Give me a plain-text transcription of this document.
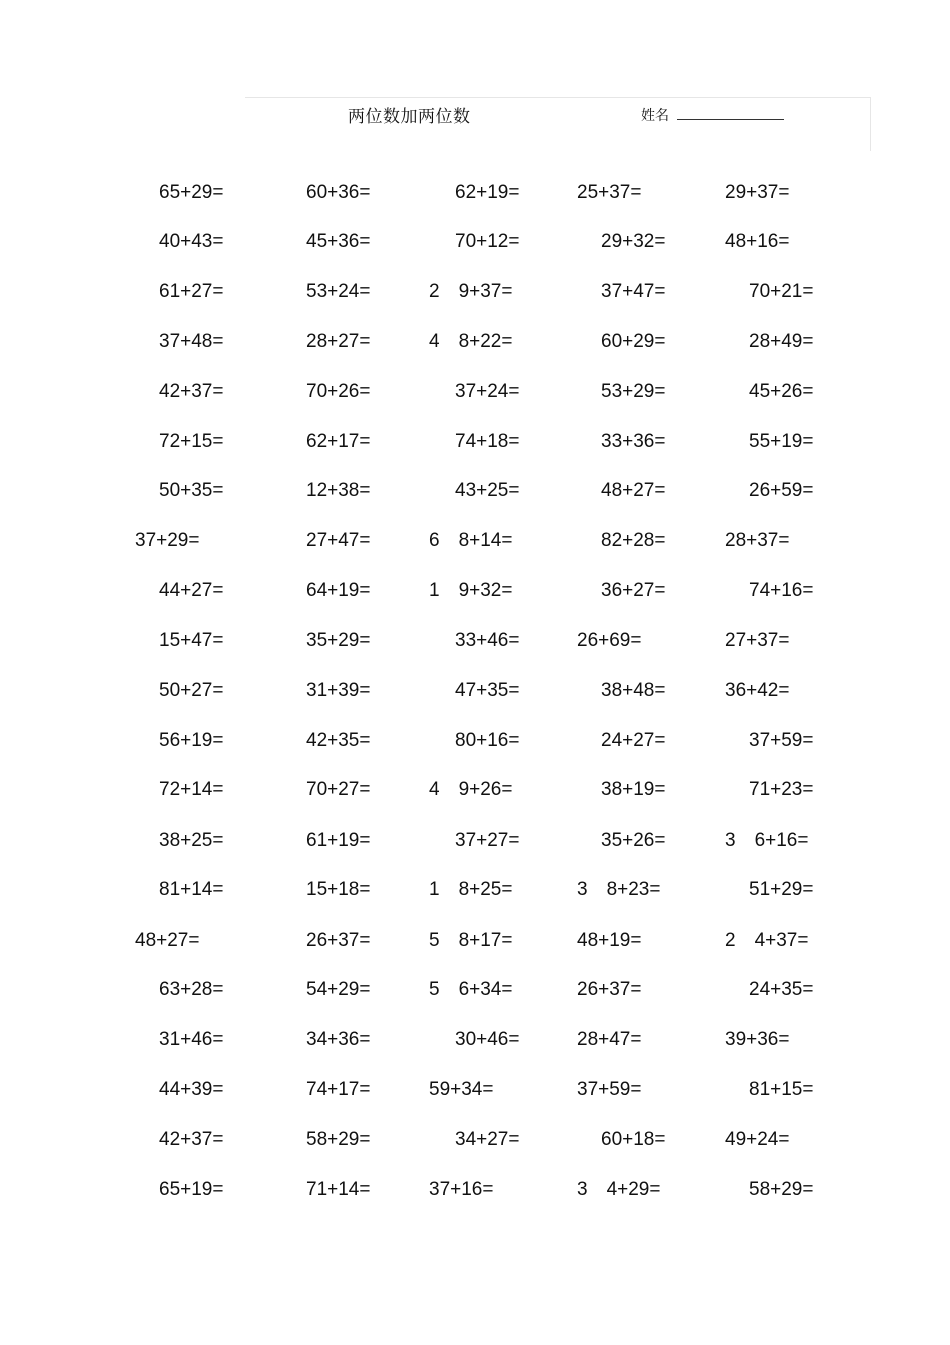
两位数加两位数	姓名
65+29=	60+36=	62+19=	25+37=	29+37=
40+43=	45+36=	70+12=	29+32=	48+16=
61+27=	53+24=	2　9+37=	37+47=	70+21=
37+48=	28+27=	4　8+22=	60+29=	28+49=
42+37=	70+26=	37+24=	53+29=	45+26=
72+15=	62+17=	74+18=	33+36=	55+19=
50+35=	12+38=	43+25=	48+27=	26+59=
37+29=	27+47=	6　8+14=	82+28=	28+37=
44+27=	64+19=	1　9+32=	36+27=	74+16=
15+47=	35+29=	33+46=	26+69=	27+37=
50+27=	31+39=	47+35=	38+48=	36+42=
56+19=	42+35=	80+16=	24+27=	37+59=
72+14=	70+27=	4　9+26=	38+19=	71+23=
38+25=	61+19=	37+27=	35+26=	3　6+16=
81+14=	15+18=	1　8+25=	3　8+23=	51+29=
48+27=	26+37=	5　8+17=	48+19=	2　4+37=
63+28=	54+29=	5　6+34=	26+37=	24+35=
31+46=	34+36=	30+46=	28+47=	39+36=
44+39=	74+17=	59+34=	37+59=	81+15=
42+37=	58+29=	34+27=	60+18=	49+24=
65+19=	71+14=	37+16=	3　4+29=	58+29=
